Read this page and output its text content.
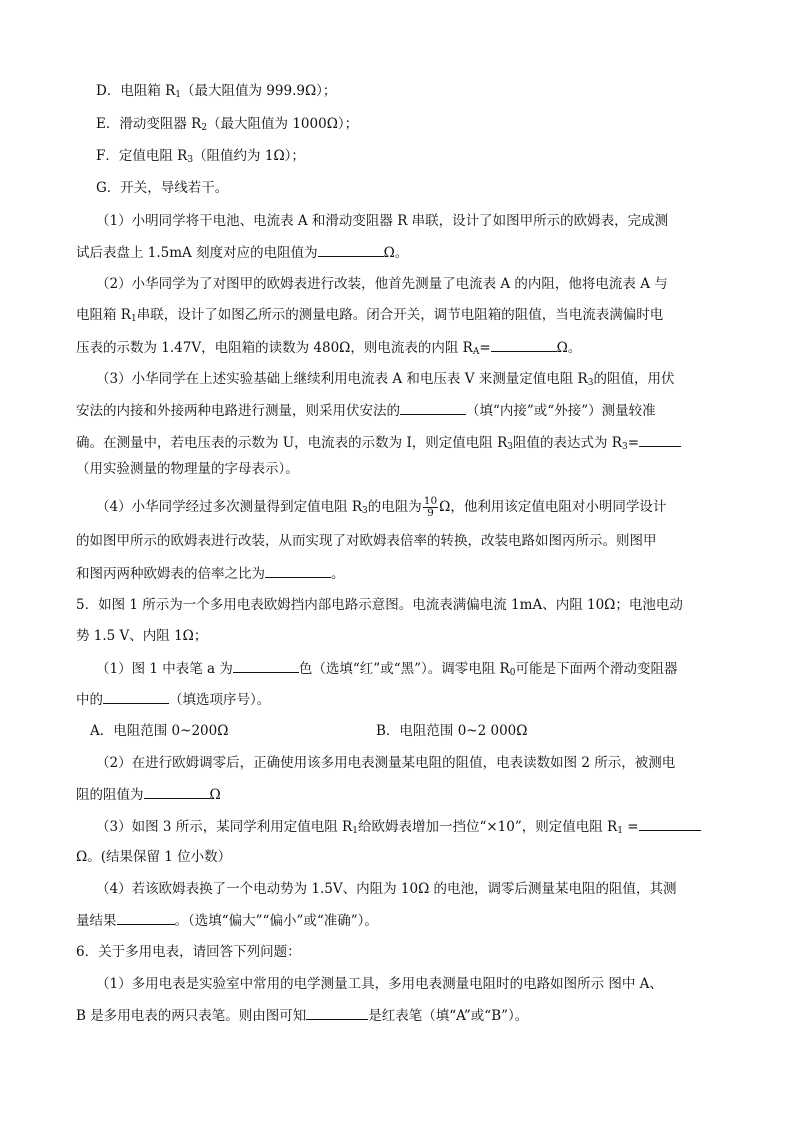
D．电阻箱 $R_1$（最大阻值为 999.9Ω）；
E．滑动变阻器 $R_2$（最大阻值为 1000Ω）；
F．定值电阻 $R_3$（阻值约为 1Ω）；
G．开关，导线若干。
（1）小明同学将干电池、电流表 A 和滑动变阻器 R 串联，设计了如图甲所示的欧姆表，完成测
试后表盘上 1.5mA 刻度对应的电阻值为	Ω。
（2）小华同学为了对图甲的欧姆表进行改装，他首先测量了电流表 A 的内阻，他将电流表 A 与
电阻箱 $R_1$串联，设计了如图乙所示的测量电路。闭合开关，调节电阻箱的阻值，当电流表满偏时电
压表的示数为 1.47V，电阻箱的读数为 480Ω，则电流表的内阻 $R_A=$	Ω。
（3）小华同学在上述实验基础上继续利用电流表 A 和电压表 V 来测量定值电阻 $R_3$的阻值，用伏
安法的内接和外接两种电路进行测量，则采用伏安法的	（填“内接”或“外接”）测量较准
确。在测量中，若电压表的示数为 U，电流表的示数为 I，则定值电阻 $R_3$阻值的表达式为 $R_3=$
（用实验测量的物理量的字母表示）。
（4）小华同学经过多次测量得到定值电阻 $R_3$的电阻为 $\frac{10}{9}$ Ω，他利用该定值电阻对小明同学设计
的如图甲所示的欧姆表进行改装，从而实现了对欧姆表倍率的转换，改装电路如图丙所示。则图甲
和图丙两种欧姆表的倍率之比为	。
5．如图 1 所示为一个多用电表欧姆挡内部电路示意图。电流表满偏电流 1mA、内阻 10Ω；电池电动
势 1.5 V、内阻 1Ω；
（1）图 1 中表笔 a 为	色（选填“红”或“黑”）。调零电阻 $R_0$可能是下面两个滑动变阻器
中的	（填选项序号）。
A．电阻范围 0~200Ω	B．电阻范围 0~2 000Ω
（2）在进行欧姆调零后，正确使用该多用电表测量某电阻的阻值，电表读数如图 2 所示，被测电
阻的阻值为	Ω
（3）如图 3 所示，某同学利用定值电阻 $R_1$给欧姆表增加一挡位“×10”，则定值电阻 $R_1$ =
Ω。(结果保留 1 位小数）
（4）若该欧姆表换了一个电动势为 1.5V、内阻为 10Ω 的电池，调零后测量某电阻的阻值，其测
量结果	。（选填“偏大”“偏小”或“准确”）。
6．关于多用电表，请回答下列问题：
（1）多用电表是实验室中常用的电学测量工具，多用电表测量电阻时的电路如图所示 图中 A、
B 是多用电表的两只表笔。则由图可知	是红表笔（填“A”或“B”）。
